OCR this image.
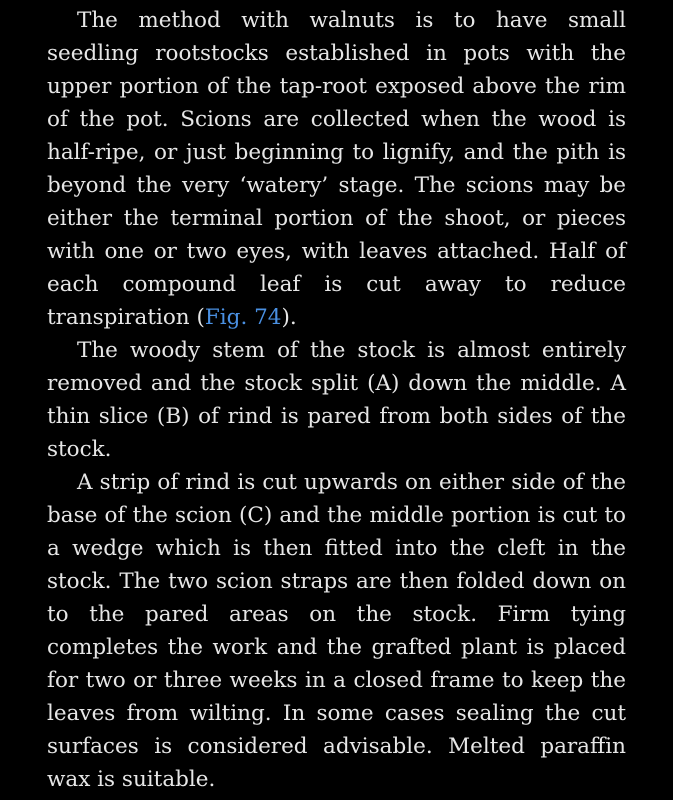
The method with walnuts is to have small seedling rootstocks established in pots with the upper portion of the tap-root exposed above the rim of the pot. Scions are collected when the wood is half-ripe, or just beginning to lignify, and the pith is beyond the very ‘watery’ stage. The scions may be either the terminal portion of the shoot, or pieces with one or two eyes, with leaves attached. Half of each compound leaf is cut away to reduce transpiration (Fig. 74).

The woody stem of the stock is almost entirely removed and the stock split (A) down the middle. A thin slice (B) of rind is pared from both sides of the stock.

A strip of rind is cut upwards on either side of the base of the scion (C) and the middle portion is cut to a wedge which is then fitted into the cleft in the stock. The two scion straps are then folded down on to the pared areas on the stock. Firm tying completes the work and the grafted plant is placed for two or three weeks in a closed frame to keep the leaves from wilting. In some cases sealing the cut surfaces is considered advisable. Melted paraffin wax is suitable.
